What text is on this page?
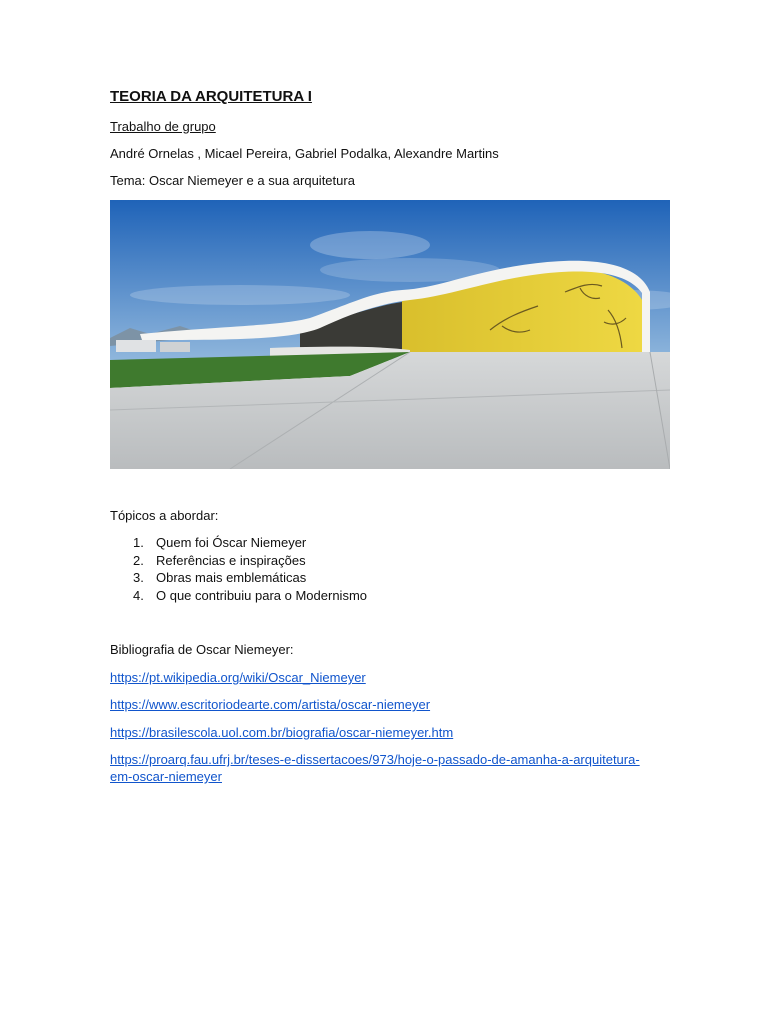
TEORIA DA ARQUITETURA I
Trabalho de grupo
André Ornelas , Micael Pereira, Gabriel Podalka, Alexandre Martins
Tema: Oscar Niemeyer e a sua arquitetura
Tópicos a abordar:
1. Quem foi Óscar Niemeyer
2. Referências e inspirações
3. Obras mais emblemáticas
4. O que contribuiu para o Modernismo
Bibliografia de Oscar Niemeyer:
https://pt.wikipedia.org/wiki/Oscar_Niemeyer
https://www.escritoriodearte.com/artista/oscar-niemeyer
https://brasilescola.uol.com.br/biografia/oscar-niemeyer.htm
https://proarq.fau.ufrj.br/teses-e-dissertacoes/973/hoje-o-passado-de-amanha-a-arquitetura-
em-oscar-niemeyer
